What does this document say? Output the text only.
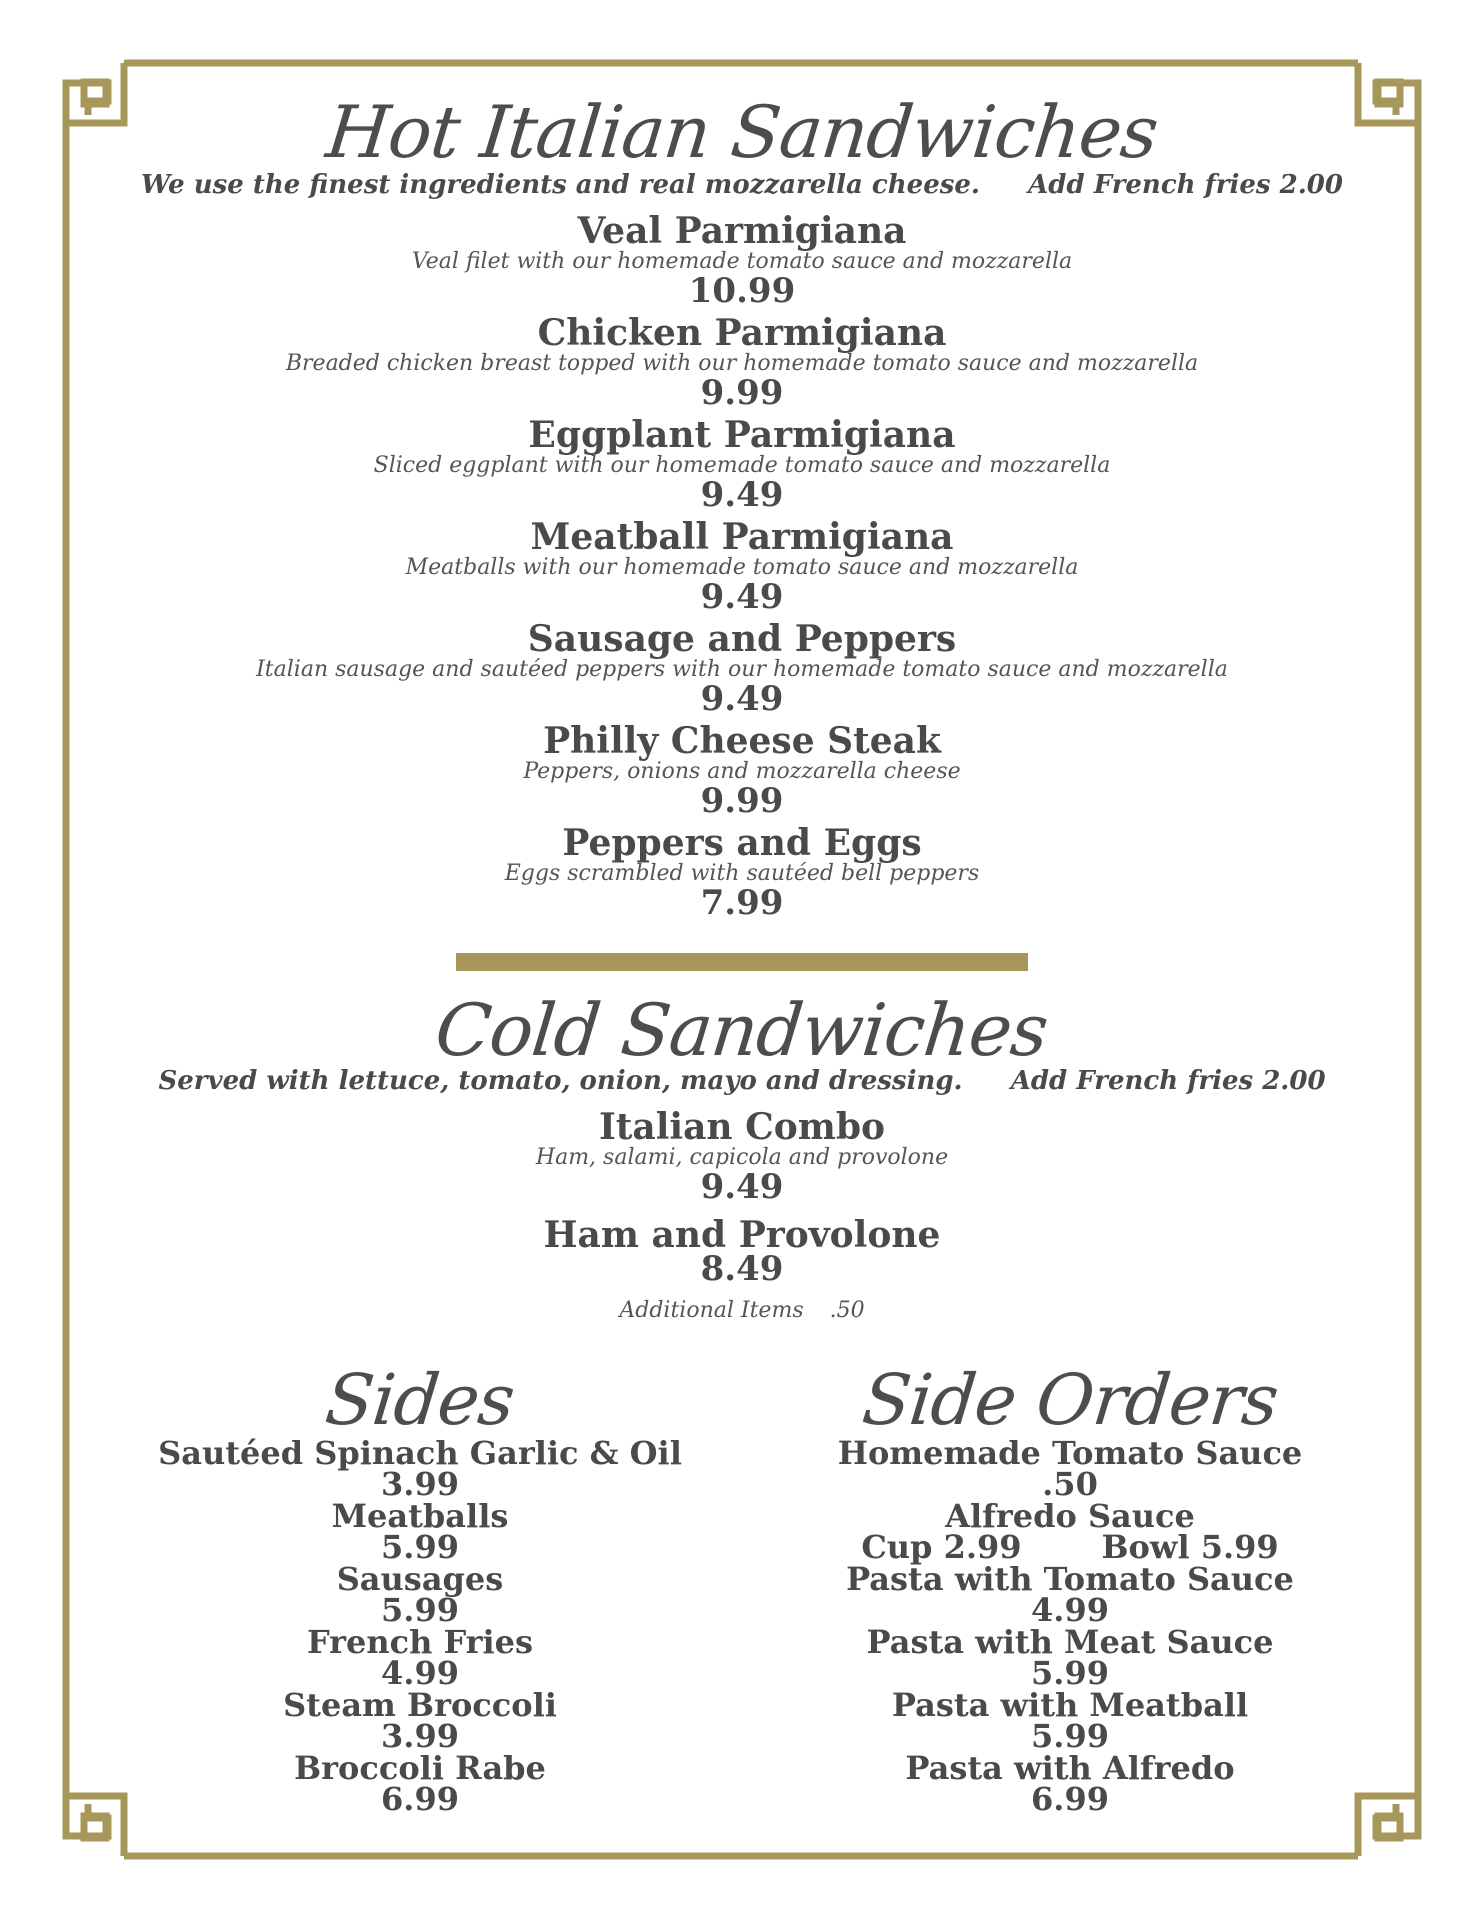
Hot Italian Sandwiches
We use the finest ingredients and real mozzarella cheese. Add French fries 2.00
Veal Parmigiana
Veal filet with our homemade tomato sauce and mozzarella
10.99
Chicken Parmigiana
Breaded chicken breast topped with our homemade tomato sauce and mozzarella
9.99
Eggplant Parmigiana
Sliced eggplant with our homemade tomato sauce and mozzarella
9.49
Meatball Parmigiana
Meatballs with our homemade tomato sauce and mozzarella
9.49
Sausage and Peppers
Italian sausage and sautéed peppers with our homemade tomato sauce and mozzarella
9.49
Philly Cheese Steak
Peppers, onions and mozzarella cheese
9.99
Peppers and Eggs
Eggs scrambled with sautéed bell peppers
7.99
Cold Sandwiches
Served with lettuce, tomato, onion, mayo and dressing. Add French fries 2.00
Italian Combo
Ham, salami, capicola and provolone
9.49
Ham and Provolone
8.49
Additional Items .50
Sides
Sautéed Spinach Garlic & Oil
3.99
Meatballs
5.99
Sausages
5.99
French Fries
4.99
Steam Broccoli
3.99
Broccoli Rabe
6.99
Side Orders
Homemade Tomato Sauce
.50
Alfredo Sauce
Cup 2.99	Bowl 5.99
Pasta with Tomato Sauce
4.99
Pasta with Meat Sauce
5.99
Pasta with Meatball
5.99
Pasta with Alfredo
6.99
